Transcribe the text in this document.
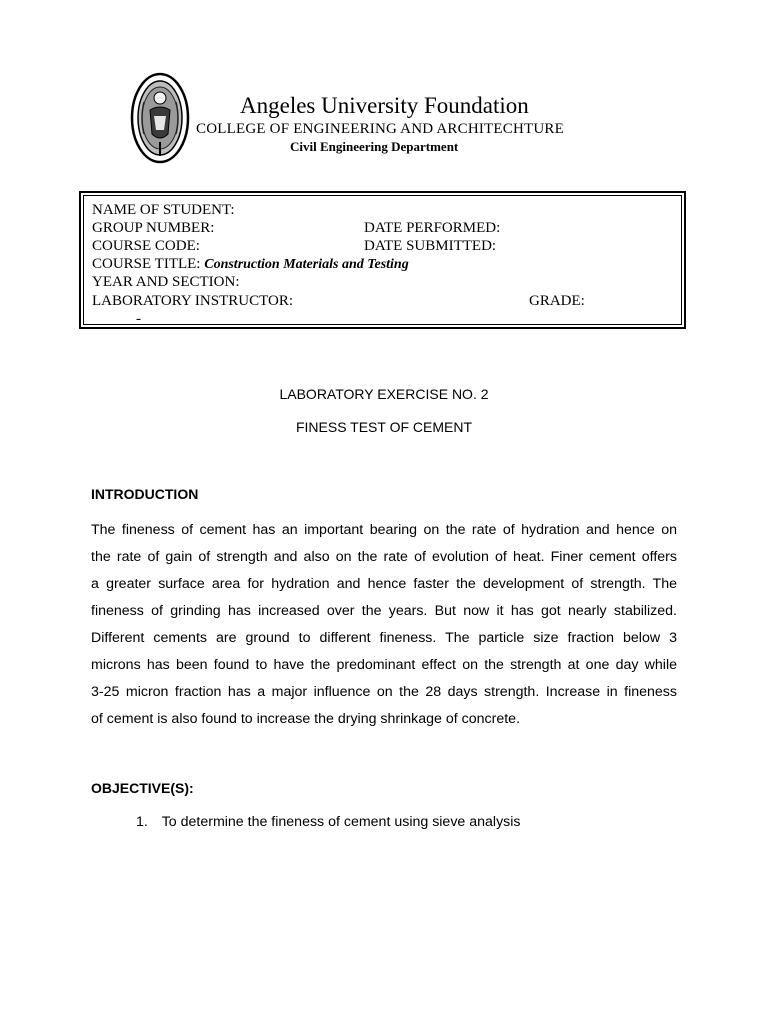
Angeles University Foundation
COLLEGE OF ENGINEERING AND ARCHITECHTURE
Civil Engineering Department
NAME OF STUDENT:
GROUP NUMBER:	DATE PERFORMED:
COURSE CODE:	DATE SUBMITTED:
COURSE TITLE: Construction Materials and Testing
YEAR AND SECTION:
LABORATORY INSTRUCTOR:	GRADE:
-
LABORATORY EXERCISE NO. 2
FINESS TEST OF CEMENT
INTRODUCTION
The fineness of cement has an important bearing on the rate of hydration and hence on
the rate of gain of strength and also on the rate of evolution of heat. Finer cement offers
a greater surface area for hydration and hence faster the development of strength. The
fineness of grinding has increased over the years. But now it has got nearly stabilized.
Different cements are ground to different fineness. The particle size fraction below 3
microns has been found to have the predominant effect on the strength at one day while
3-25 micron fraction has a major influence on the 28 days strength. Increase in fineness
of cement is also found to increase the drying shrinkage of concrete.
OBJECTIVE(S):
1. To determine the fineness of cement using sieve analysis
